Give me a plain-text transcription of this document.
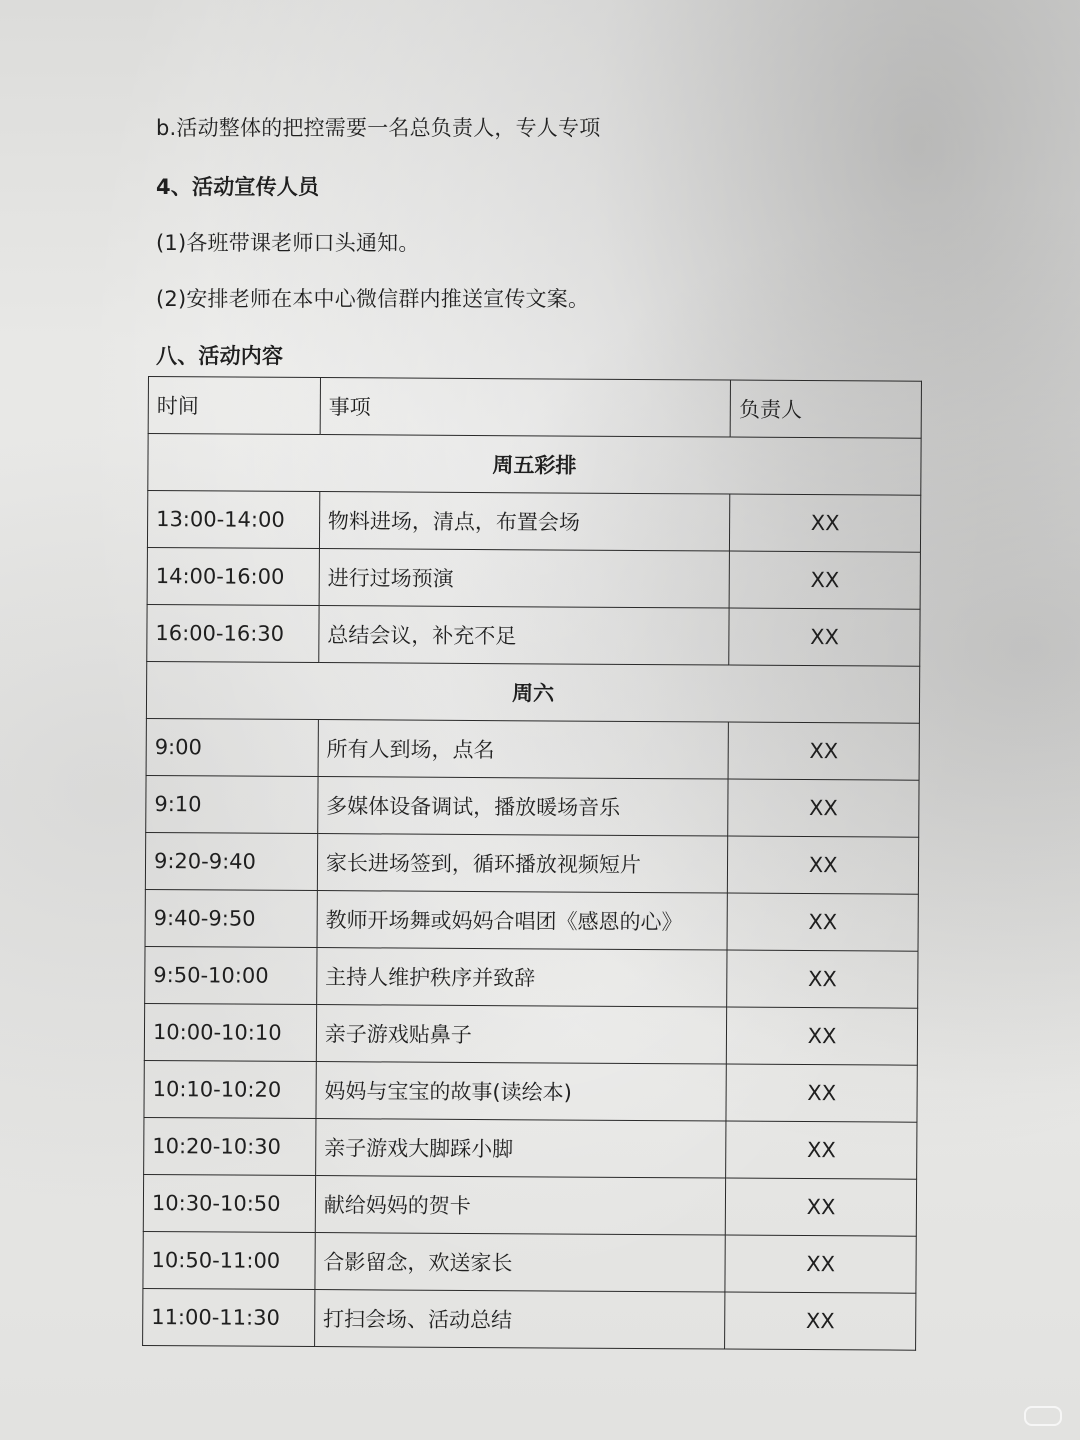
b.活动整体的把控需要一名总负责人，专人专项
4、活动宣传人员
(1)各班带课老师口头通知。
(2)安排老师在本中心微信群内推送宣传文案。
八、活动内容
时间	事项	负责人
周五彩排		
13:00-14:00	物料进场，清点，布置会场	XX
14:00-16:00	进行过场预演	XX
16:00-16:30	总结会议，补充不足	XX
周六		
9:00	所有人到场，点名	XX
9:10	多媒体设备调试，播放暖场音乐	XX
9:20-9:40	家长进场签到，循环播放视频短片	XX
9:40-9:50	教师开场舞或妈妈合唱团《感恩的心》	XX
9:50-10:00	主持人维护秩序并致辞	XX
10:00-10:10	亲子游戏贴鼻子	XX
10:10-10:20	妈妈与宝宝的故事(读绘本)	XX
10:20-10:30	亲子游戏大脚踩小脚	XX
10:30-10:50	献给妈妈的贺卡	XX
10:50-11:00	合影留念，欢送家长	XX
11:00-11:30	打扫会场、活动总结	XX
